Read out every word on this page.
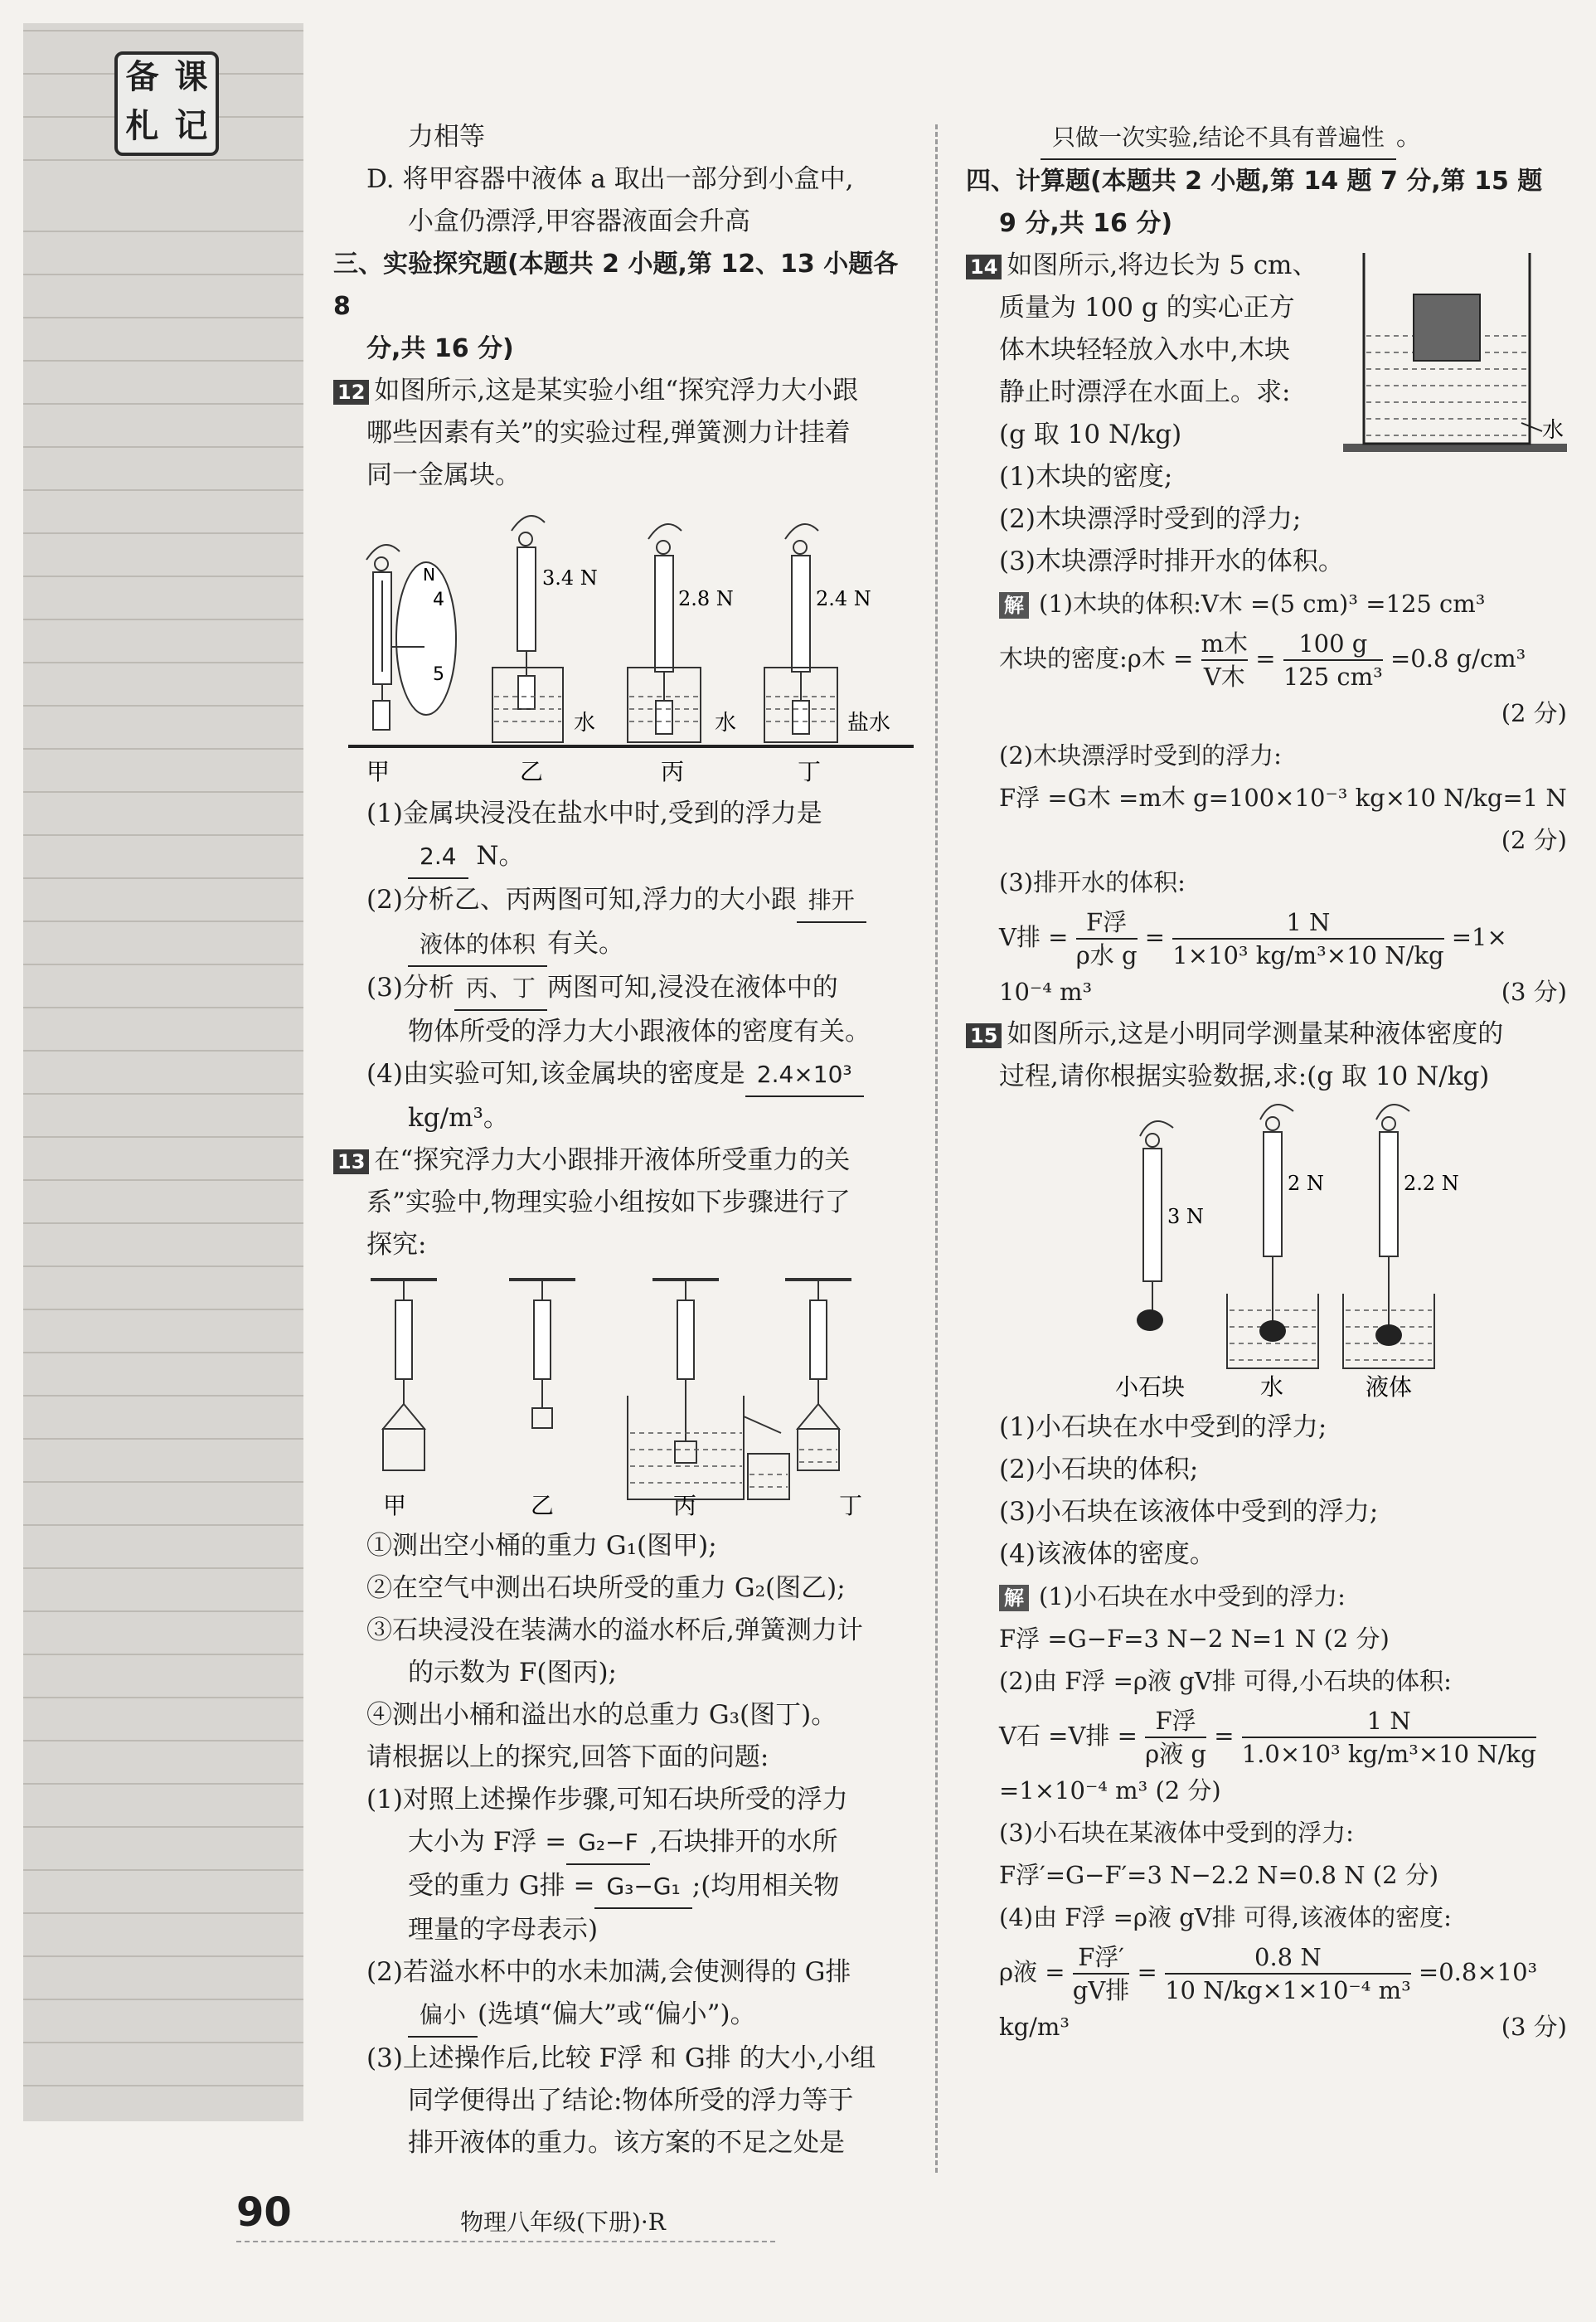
备 课
札 记	力相等

D. 将甲容器中液体 a 取出一部分到小盒中,

小盒仍漂浮,甲容器液面会升高

三、实验探究题(本题共 2 小题,第 12、13 小题各 8

分,共 16 分)

12 如图所示,这是某实验小组“探究浮力大小跟

哪些因素有关”的实验过程,弹簧测力计挂着

同一金属块。

N
4
5
3.4 N
2.8 N	2.4 N
水	水	盐水
甲	乙	丙	丁

(1)金属块浸没在盐水中时,受到的浮力是

2.4 N。

(2)分析乙、丙两图可知,浮力的大小跟 排开

液体的体积 有关。

(3)分析 丙、丁 两图可知,浸没在液体中的

物体所受的浮力大小跟液体的密度有关。

(4)由实验可知,该金属块的密度是 2.4×10³

kg/m³。

13 在“探究浮力大小跟排开液体所受重力的关

系”实验中,物理实验小组按如下步骤进行了

探究:

甲	乙	丙	丁

①测出空小桶的重力 G₁(图甲);

②在空气中测出石块所受的重力 G₂(图乙);

③石块浸没在装满水的溢水杯后,弹簧测力计

的示数为 F(图丙);

④测出小桶和溢出水的总重力 G₃(图丁)。

请根据以上的探究,回答下面的问题:

(1)对照上述操作步骤,可知石块所受的浮力

大小为 F浮 = G₂−F ,石块排开的水所

受的重力 G排 = G₃−G₁ ;(均用相关物

理量的字母表示)

(2)若溢水杯中的水未加满,会使测得的 G排

偏小 (选填“偏大”或“偏小”)。

(3)上述操作后,比较 F浮 和 G排 的大小,小组

同学便得出了结论:物体所受的浮力等于

排开液体的重力。该方案的不足之处是

只做一次实验,结论不具有普遍性 。

四、计算题(本题共 2 小题,第 14 题 7 分,第 15 题

9 分,共 16 分)

14 如图所示,将边长为 5 cm、

质量为 100 g 的实心正方

体木块轻轻放入水中,木块

静止时漂浮在水面上。求:

(g 取 10 N/kg)	水

(1)木块的密度;

(2)木块漂浮时受到的浮力;

(3)木块漂浮时排开水的体积。

解 (1)木块的体积:V木 =(5 cm)³ =125 cm³

木块的密度:ρ木 = $\frac{\text{m木}}{\text{V木}} = \frac{100 g}{\text{125 cm³}} =0.8$ g/cm³

(2 分)

(2)木块漂浮时受到的浮力:

F浮 =G木 =m木 g=100×10⁻³ kg×10 N/kg=1 N

(2 分)

(3)排开水的体积:

V排 = $\frac{\text{F浮}}{\text{ρ水 g}} = \frac{1 N}{\text{1×10³ kg/m³×10 N/kg}} =1\times$

10⁻⁴ m³	(3 分)

15 如图所示,这是小明同学测量某种液体密度的

过程,请你根据实验数据,求:(g 取 10 N/kg)

3 N
2 N	2.2 N
小石块	水	液体

(1)小石块在水中受到的浮力;

(2)小石块的体积;

(3)小石块在该液体中受到的浮力;

(4)该液体的密度。

解 (1)小石块在水中受到的浮力:

F浮 =G−F=3 N−2 N=1 N (2 分)

(2)由 F浮 =ρ液 gV排 可得,小石块的体积:

V石 =V排 = $\frac{\text{F浮}}{\text{ρ液 g}} = \frac{1 N}{\text{1.0×10³ kg/m³×10 N/kg}}$

=1×10⁻⁴ m³ (2 分)

(3)小石块在某液体中受到的浮力:

F浮′=G−F′=3 N−2.2 N=0.8 N (2 分)

(4)由 F浮 =ρ液 gV排 可得,该液体的密度:

ρ液 = $\frac{\text{F浮′}}{\text{gV排}} = \frac{0.8 N}{\text{10 N/kg×1×10⁻⁴ m³}} =0.8\times 10^3$

kg/m³	(3 分)

90	物理八年级(下册)·R
